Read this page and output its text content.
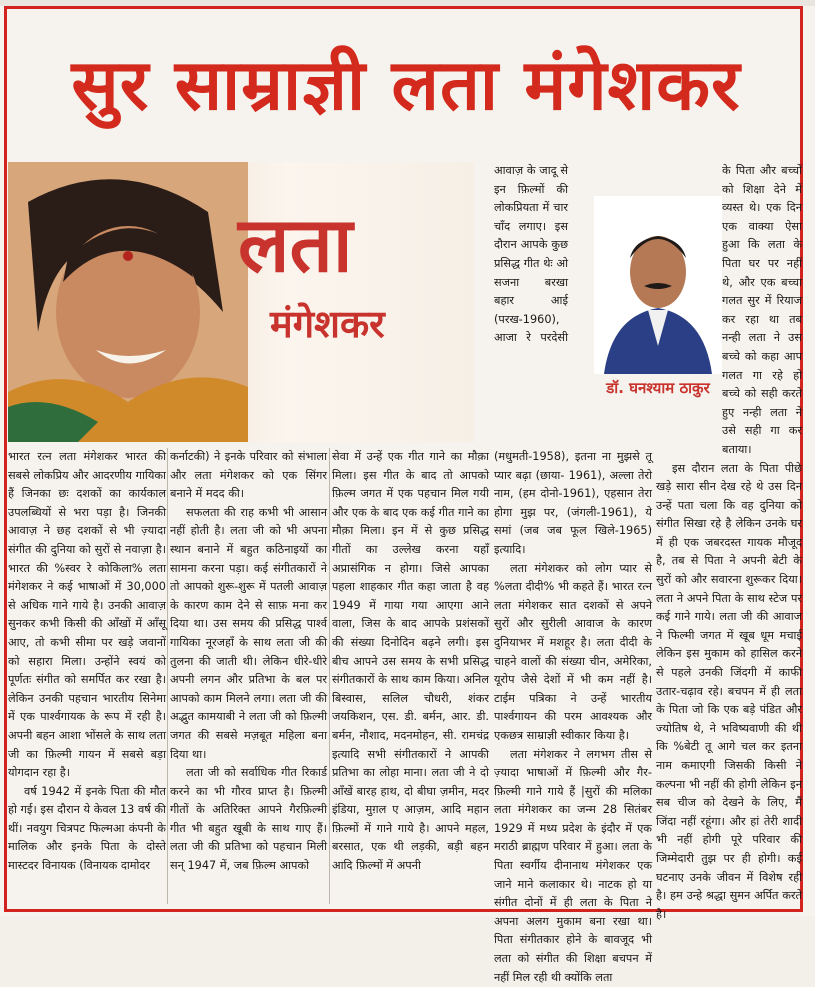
सुर साम्राज्ञी लता मंगेशकर
लता
मंगेशकर

भारत रत्न लता मंगेशकर भारत की सबसे लोकप्रिय और आदरणीय गायिका हैं जिनका छः दशकों का कार्यकाल उपलब्धियों से भरा पड़ा है। जिनकी आवाज़ ने छह दशकों से भी ज़्यादा संगीत की दुनिया को सुरों से नवाज़ा है। भारत की %स्वर रे कोकिला% लता मंगेशकर ने कई भाषाओं में 30,000 से अधिक गाने गाये है। उनकी आवाज़ सुनकर कभी किसी की आँखों में आँसू आए, तो कभी सीमा पर खड़े जवानों को सहारा मिला। उन्होंने स्वयं को पूर्णतः संगीत को समर्पित कर रखा है।लेकिन उनकी पहचान भारतीय सिनेमा में एक पार्श्वगायक के रूप में रही है। अपनी बहन आशा भोंसले के साथ लता जी का फ़िल्मी गायन में सबसे बड़ा योगदान रहा है।

वर्ष 1942 में इनके पिता की मौत हो गई। इस दौरान ये केवल 13 वर्ष की थीं। नवयुग चित्रपट फिल्मआ कंपनी के मालिक और इनके पिता के दोस्ते मास्टदर विनायक (विनायक दामोदर

कर्नाटकी) ने इनके परिवार को संभाला और लता मंगेशकर को एक सिंगर बनाने में मदद की।

सफलता की राह कभी भी आसान नहीं होती है। लता जी को भी अपना स्थान बनाने में बहुत कठिनाइयों का सामना करना पड़ा। कई संगीतकारों ने तो आपको शुरू-शुरू में पतली आवाज़ के कारण काम देने से साफ़ मना कर दिया था। उस समय की प्रसिद्ध पार्श्व गायिका नूरजहाँ के साथ लता जी की तुलना की जाती थी। लेकिन धीरे-धीरे अपनी लगन और प्रतिभा के बल पर आपको काम मिलने लगा। लता जी की अद्भुत कामयाबी ने लता जी को फ़िल्मी जगत की सबसे मज़बूत महिला बना दिया था।

लता जी को सर्वाधिक गीत रिकार्ड करने का भी गौरव प्राप्त है। फ़िल्मी गीतों के अतिरिक्त आपने गैरफ़िल्मी गीत भी बहुत खूबी के साथ गाए हैं। लता जी की प्रतिभा को पहचान मिली सन् 1947 में, जब फ़िल्म आपको

सेवा में उन्हें एक गीत गाने का मौक़ा मिला। इस गीत के बाद तो आपको फ़िल्म जगत में एक पहचान मिल गयी और एक के बाद एक कई गीत गाने का मौक़ा मिला। इन में से कुछ प्रसिद्ध गीतों का उल्लेख करना यहाँ अप्रासंगिक न होगा। जिसे आपका पहला शाहकार गीत कहा जाता है वह 1949 में गाया गया आएगा आने वाला, जिस के बाद आपके प्रशंसकों की संख्या दिनोदिन बढ़ने लगी। इस बीच आपने उस समय के सभी प्रसिद्ध संगीतकारों के साथ काम किया। अनिल बिस्वास, सलिल चौधरी, शंकर जयकिशन, एस. डी. बर्मन, आर. डी. बर्मन, नौशाद, मदनमोहन, सी. रामचंद्र इत्यादि सभी संगीतकारों ने आपकी प्रतिभा का लोहा माना। लता जी ने दो आँखें बारह हाथ, दो बीघा ज़मीन, मदर इंडिया, मुग़ल ए आज़म, आदि महान फ़िल्मों में गाने गाये है। आपने महल, बरसात, एक थी लड़की, बड़ी बहन आदि फ़िल्मों में अपनी

आवाज़ के जादू से इन फ़िल्मों की लोकप्रियता में चार चाँद लगाए। इस दौरान आपके कुछ प्रसिद्ध गीत थेः ओ सजना बरखा बहार आई (परख-1960), आजा रे परदेसी (मधुमती-1958), इतना ना मुझसे तू प्यार बढ़ा (छाया- 1961), अल्ला तेरो नाम, (हम दोनो-1961), एहसान तेरा होगा मुझ पर, (जंगली-1961), ये समां (जब जब फूल खिले-1965) इत्यादि।

लता मंगेशकर को लोग प्यार से %लता दीदी% भी कहते हैं। भारत रत्न लता मंगेशकर सात दशकों से अपने सुरों और सुरीली आवाज के कारण दुनियाभर में मशहूर है। लता दीदी के चाहने वालों की संख्या चीन, अमेरिका, यूरोप जैसे देशों में भी कम नहीं है। टाईम पत्रिका ने उन्हें भारतीय पार्श्वगायन की परम आवश्यक और एकछत्र साम्राज्ञी स्वीकार किया है।

लता मंगेशकर ने लगभग तीस से ज़्यादा भाषाओं में फ़िल्मी और गैर-फ़िल्मी गाने गाये हैं |सुरों की मलिका लता मंगेशकर का जन्म 28 सितंबर 1929 में मध्य प्रदेश के इंदौर में एक मराठी ब्राह्मण परिवार में हुआ। लता के पिता स्वर्गीय दीनानाथ मंगेशकर एक जाने माने कलाकार थे। नाटक हो या संगीत दोनों में ही लता के पिता ने अपना अलग मुकाम बना रखा था। पिता संगीतकार होने के बावजूद भी लता को संगीत की शिक्षा बचपन में नहीं मिल रही थी क्योंकि लता

के पिता और बच्चों को शिक्षा देने में व्यस्त थे। एक दिन एक वाक्या ऐसा हुआ कि लता के पिता घर पर नहीं थे, और एक बच्चा गलत सुर में रियाज कर रहा था तब नन्ही लता ने उस बच्चे को कहा आप गलत गा रहे हो बच्चे को सही करते हुए नन्ही लता ने उसे सही गा कर बताया।

इस दौरान लता के पिता पीछे खड़े सारा सीन देख रहे थे उस दिन उन्हें पता चला कि वह दुनिया को संगीत सिखा रहे है लेकिन उनके घर में ही एक जबरदस्त गायक मौजूद है, तब से पिता ने अपनी बेटी के सुरों को और सवारना शुरूकर दिया। लता ने अपने पिता के साथ स्टेज पर कई गाने गाये। लता जी की आवाज ने फिल्मी जगत में खूब धूम मचाई लेकिन इस मुकाम को हासिल करने से पहले उनकी जिंदगी में काफी उतार-चढ़ाव रहे। बचपन में ही लता के पिता जो कि एक बड़े पंडित और ज्योतिष थे, ने भविष्यवाणी की थी कि %बेटी तू आगे चल कर इतना नाम कमाएगी जिसकी किसी ने कल्पना भी नहीं की होगी लेकिन इन सब चीज को देखने के लिए, मैं जिंदा नहीं रहूंगा। और हां तेरी शादी भी नहीं होगी पूरे परिवार की जिम्मेदारी तुझ पर ही होगी। कई घटनाए उनके जीवन में विशेष रही है। हम उन्हे श्रद्धा सुमन अर्पित करते है।

डॉ. घनश्याम ठाकुर
